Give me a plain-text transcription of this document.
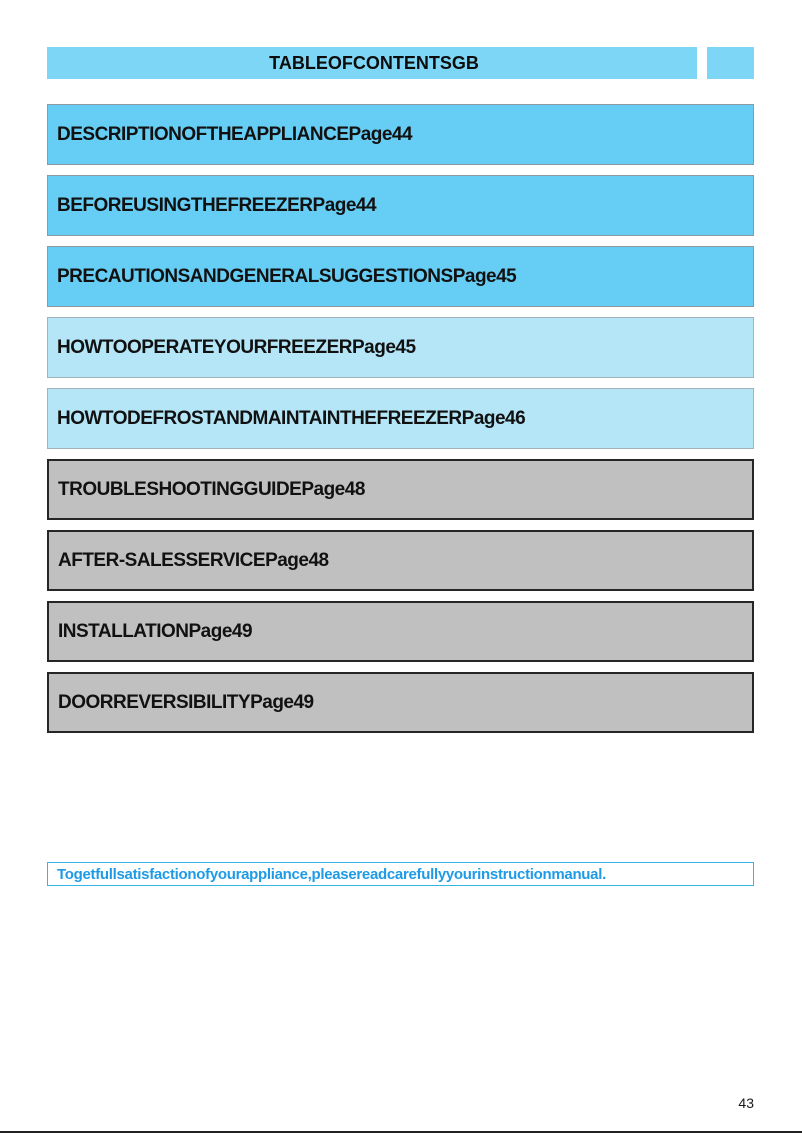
TABLEOFCONTENTSGB
DESCRIPTIONOFTHEAPPLIANCEPage44
BEFOREUSINGTHEFREEZERPage44
PRECAUTIONSANDGENERALSUGGESTIONSPage45
HOWTOOPERATEYOURFREEZERPage45
HOWTODEFROSTANDMAINTAINTHEFREEZERPage46
TROUBLESHOOTINGGUIDEPage48
AFTER-SALESSERVICEPage48
INSTALLATIONPage49
DOORREVERSIBILITYPage49
Togetfullsatisfactionofyourappliance,pleasereadcarefullyyourinstructionmanual.
43
